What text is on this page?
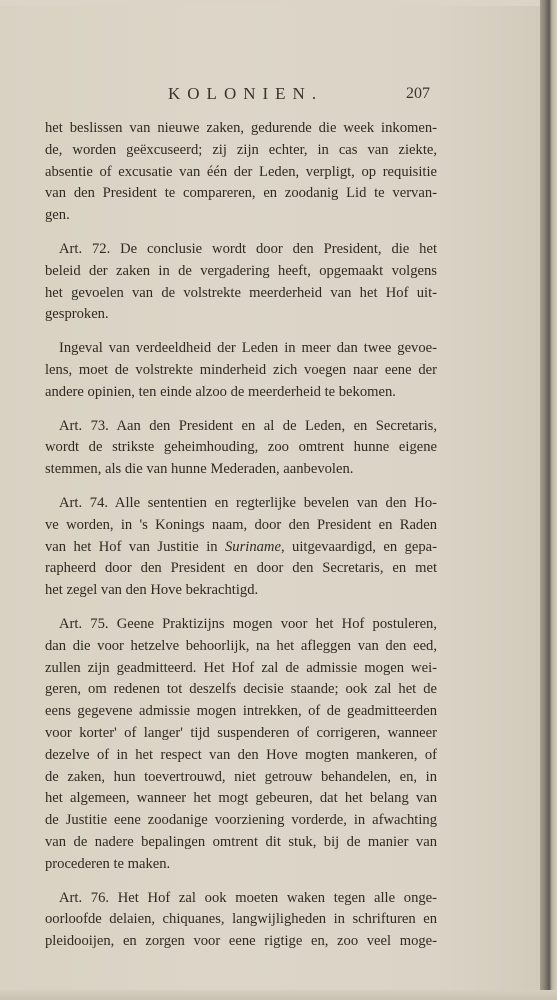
KOLONIEN.	207
het beslissen van nieuwe zaken, gedurende die week inkomen-
de, worden geëxcuseerd; zij zijn echter, in cas van ziekte,
absentie of excusatie van één der Leden, verpligt, op requisitie
van den President te compareren, en zoodanig Lid te vervan-
gen.
Art. 72. De conclusie wordt door den President, die het
beleid der zaken in de vergadering heeft, opgemaakt volgens
het gevoelen van de volstrekte meerderheid van het Hof uit-
gesproken.
Ingeval van verdeeldheid der Leden in meer dan twee gevoe-
lens, moet de volstrekte minderheid zich voegen naar eene der
andere opinien, ten einde alzoo de meerderheid te bekomen.
Art. 73. Aan den President en al de Leden, en Secretaris,
wordt de strikste geheimhouding, zoo omtrent hunne eigene
stemmen, als die van hunne Mederaden, aanbevolen.
Art. 74. Alle sententien en regterlijke bevelen van den Ho-
ve worden, in 's Konings naam, door den President en Raden
van het Hof van Justitie in Suriname, uitgevaardigd, en gepa-
rapheerd door den President en door den Secretaris, en met
het zegel van den Hove bekrachtigd.
Art. 75. Geene Praktizijns mogen voor het Hof postuleren,
dan die voor hetzelve behoorlijk, na het afleggen van den eed,
zullen zijn geadmitteerd. Het Hof zal de admissie mogen wei-
geren, om redenen tot deszelfs decisie staande; ook zal het de
eens gegevene admissie mogen intrekken, of de geadmitteerden
voor korter' of langer' tijd suspenderen of corrigeren, wanneer
dezelve of in het respect van den Hove mogten mankeren, of
de zaken, hun toevertrouwd, niet getrouw behandelen, en, in
het algemeen, wanneer het mogt gebeuren, dat het belang van
de Justitie eene zoodanige voorziening vorderde, in afwachting
van de nadere bepalingen omtrent dit stuk, bij de manier van
procederen te maken.
Art. 76. Het Hof zal ook moeten waken tegen alle onge-
oorloofde delaien, chiquanes, langwijligheden in schrifturen en
pleidooijen, en zorgen voor eene rigtige en, zoo veel moge-
